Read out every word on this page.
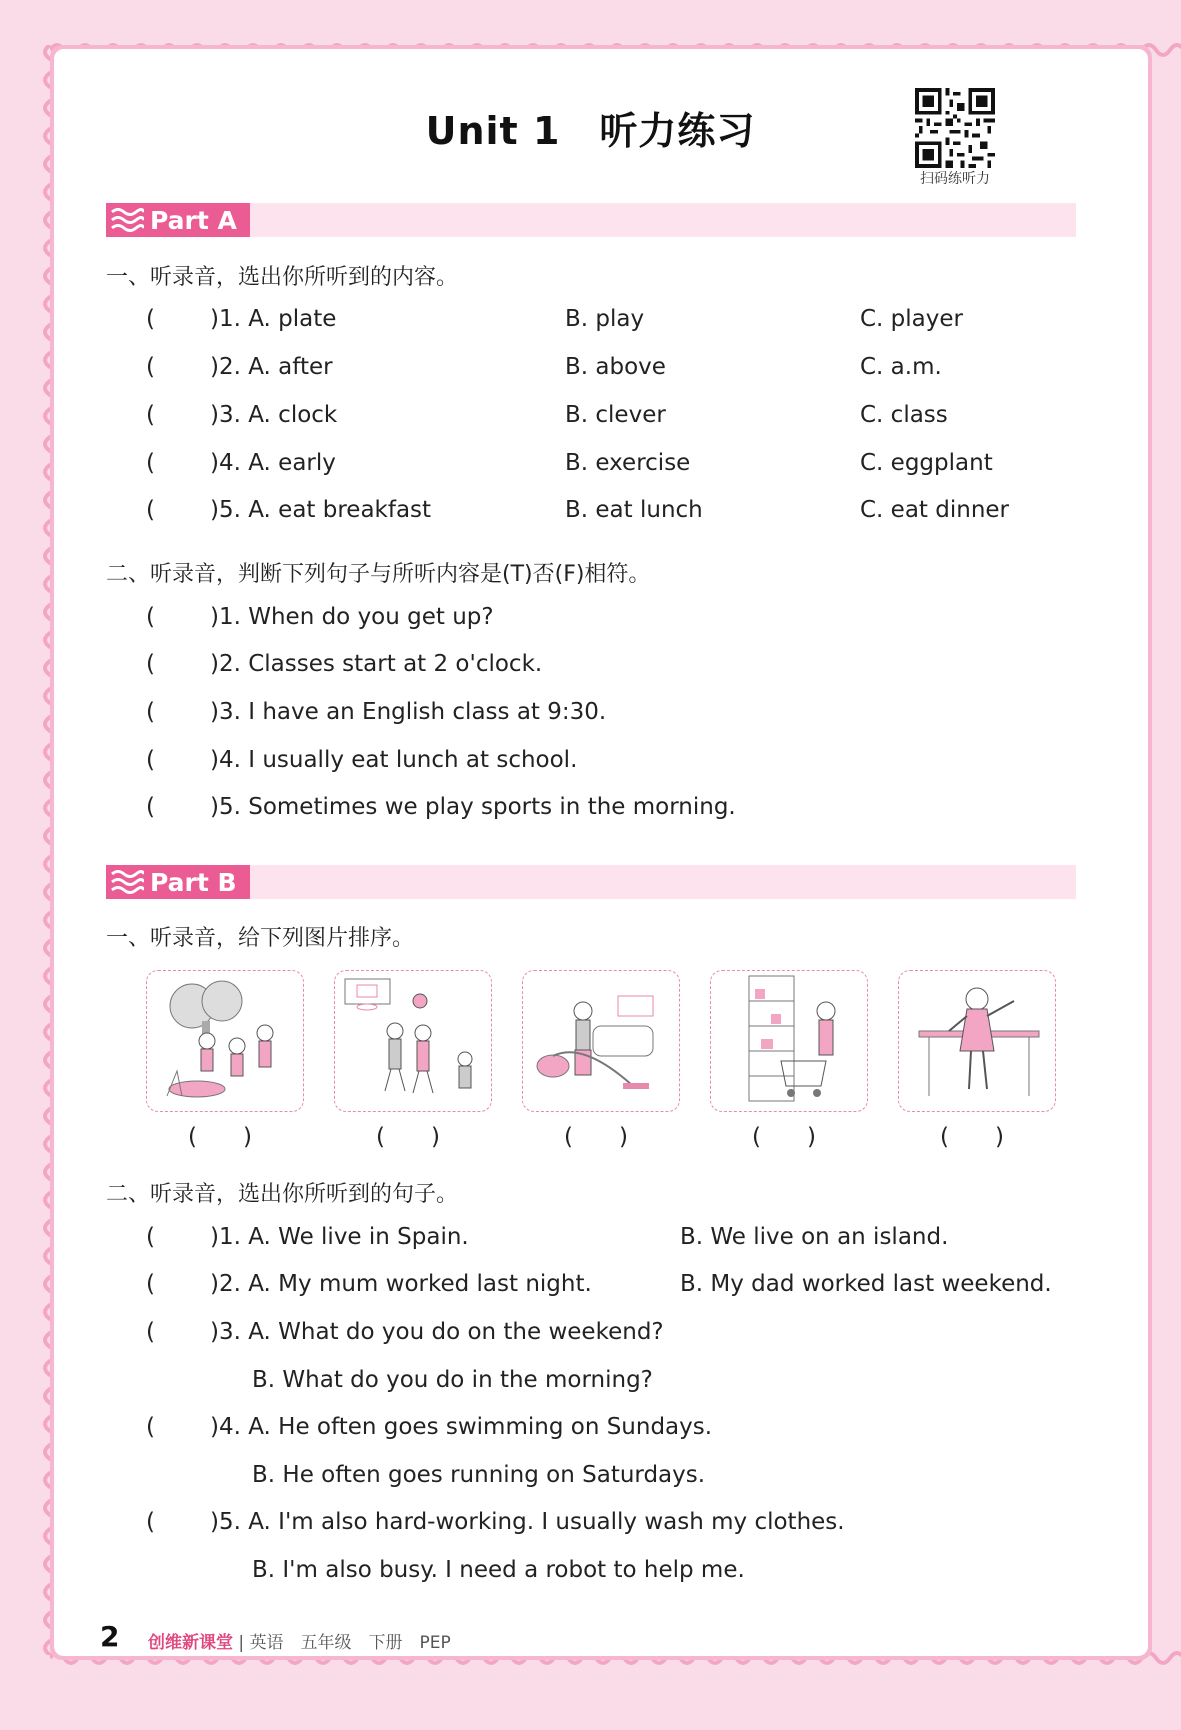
Unit 1　听力练习
扫码练听力
Part A
一、听录音，选出你所听到的内容。
( )1. A. plate	B. play	C. player
( )2. A. after	B. above	C. a.m.
( )3. A. clock	B. clever	C. class
( )4. A. early	B. exercise	C. eggplant
( )5. A. eat breakfast	B. eat lunch	C. eat dinner
二、听录音，判断下列句子与所听内容是(T)否(F)相符。
( )1. When do you get up?
( )2. Classes start at 2 o'clock.
( )3. I have an English class at 9:30.
( )4. I usually eat lunch at school.
( )5. Sometimes we play sports in the morning.
Part B
一、听录音，给下列图片排序。
(　　)	(　　)	(　　)	(　　)	(　　)
二、听录音，选出你所听到的句子。
( )1. A. We live in Spain.	B. We live on an island.
( )2. A. My mum worked last night.	B. My dad worked last weekend.
( )3. A. What do you do on the weekend?
B. What do you do in the morning?
( )4. A. He often goes swimming on Sundays.
B. He often goes running on Saturdays.
( )5. A. I'm also hard-working. I usually wash my clothes.
B. I'm also busy. I need a robot to help me.
2 创维新课堂 | 英语　五年级　下册　PEP
